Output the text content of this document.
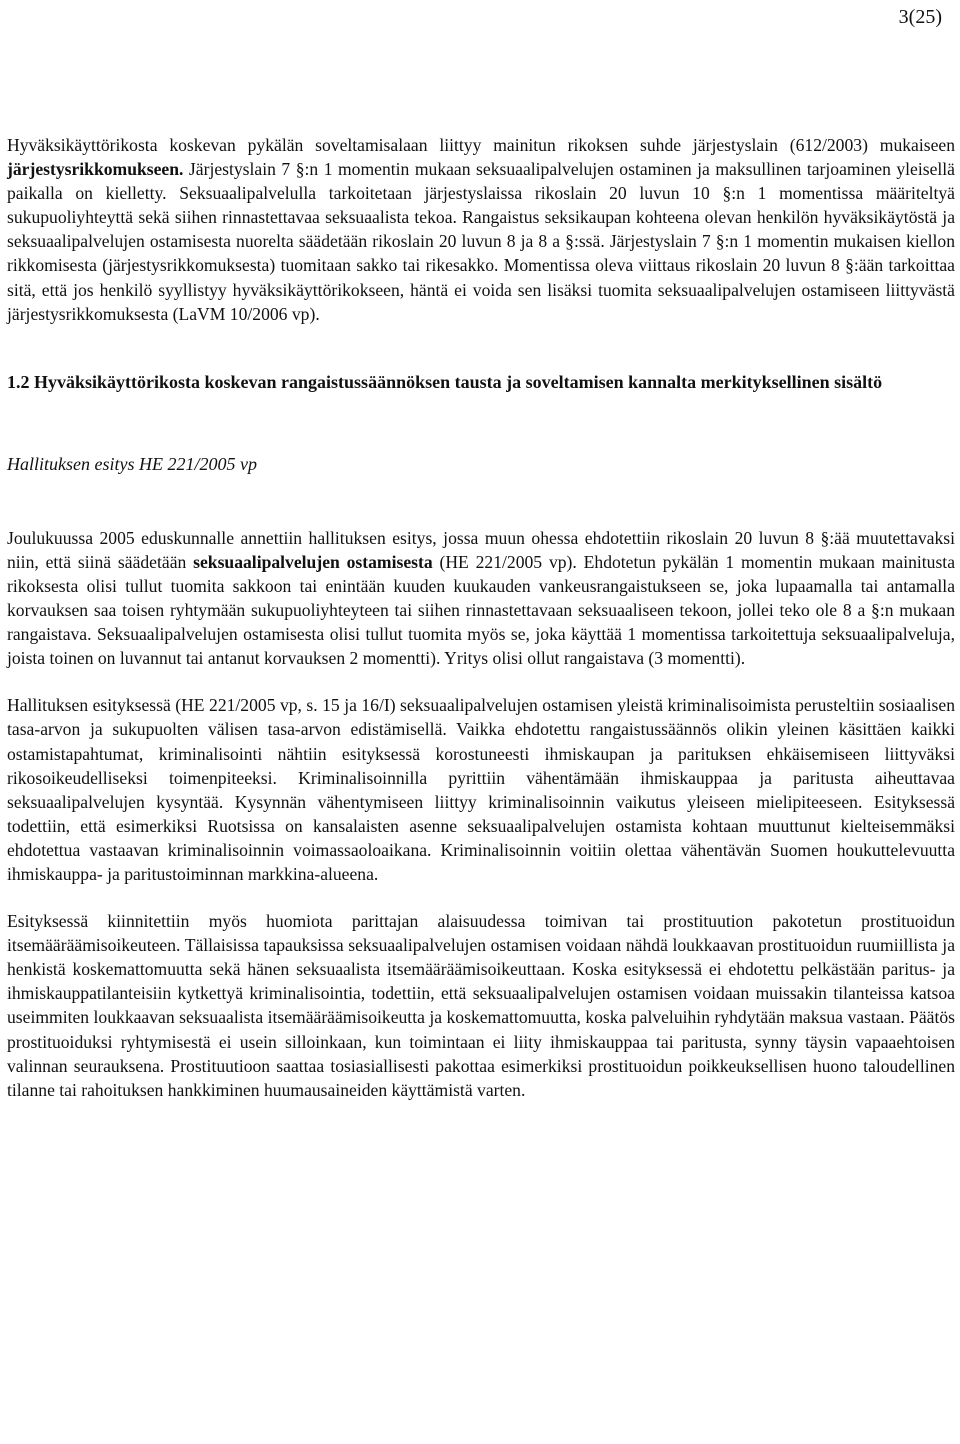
3(25)

Hyväksikäyttörikosta koskevan pykälän soveltamisalaan liittyy mainitun rikoksen suhde järjestyslain (612/2003) mukaiseen järjestysrikkomukseen. Järjestyslain 7 §:n 1 momentin mukaan seksuaalipalvelujen ostaminen ja maksullinen tarjoaminen yleisellä paikalla on kielletty. Seksuaalipalvelulla tarkoitetaan järjestyslaissa rikoslain 20 luvun 10 §:n 1 momentissa määriteltyä sukupuoliyhteyttä sekä siihen rinnastettavaa seksuaalista tekoa. Rangaistus seksikaupan kohteena olevan henkilön hyväksikäytöstä ja seksuaalipalvelujen ostamisesta nuorelta säädetään rikoslain 20 luvun 8 ja 8 a §:ssä. Järjestyslain 7 §:n 1 momentin mukaisen kiellon rikkomisesta (järjestysrikkomuksesta) tuomitaan sakko tai rikesakko. Momentissa oleva viittaus rikoslain 20 luvun 8 §:ään tarkoittaa sitä, että jos henkilö syyllistyy hyväksikäyttörikokseen, häntä ei voida sen lisäksi tuomita seksuaalipalvelujen ostamiseen liittyvästä järjestysrikkomuksesta (LaVM 10/2006 vp).

1.2 Hyväksikäyttörikosta koskevan rangaistussäännöksen tausta ja soveltamisen kannalta merkityksellinen sisältö

Hallituksen esitys HE 221/2005 vp

Joulukuussa 2005 eduskunnalle annettiin hallituksen esitys, jossa muun ohessa ehdotettiin rikoslain 20 luvun 8 §:ää muutettavaksi niin, että siinä säädetään seksuaalipalvelujen ostamisesta (HE 221/2005 vp). Ehdotetun pykälän 1 momentin mukaan mainitusta rikoksesta olisi tullut tuomita sakkoon tai enintään kuuden kuukauden vankeusrangaistukseen se, joka lupaamalla tai antamalla korvauksen saa toisen ryhtymään sukupuoliyhteyteen tai siihen rinnastettavaan seksuaaliseen tekoon, jollei teko ole 8 a §:n mukaan rangaistava. Seksuaalipalvelujen ostamisesta olisi tullut tuomita myös se, joka käyttää 1 momentissa tarkoitettuja seksuaalipalveluja, joista toinen on luvannut tai antanut korvauksen 2 momentti). Yritys olisi ollut rangaistava (3 momentti).

Hallituksen esityksessä (HE 221/2005 vp, s. 15 ja 16/I) seksuaalipalvelujen ostamisen yleistä kriminalisoimista perusteltiin sosiaalisen tasa-arvon ja sukupuolten välisen tasa-arvon edistämisellä. Vaikka ehdotettu rangaistussäännös olikin yleinen käsittäen kaikki ostamistapahtumat, kriminalisointi nähtiin esityksessä korostuneesti ihmiskaupan ja parituksen ehkäisemiseen liittyväksi rikosoikeudelliseksi toimenpiteeksi. Kriminalisoinnilla pyrittiin vähentämään ihmiskauppaa ja paritusta aiheuttavaa seksuaalipalvelujen kysyntää. Kysynnän vähentymiseen liittyy kriminalisoinnin vaikutus yleiseen mielipiteeseen. Esityksessä todettiin, että esimerkiksi Ruotsissa on kansalaisten asenne seksuaalipalvelujen ostamista kohtaan muuttunut kielteisemmäksi ehdotettua vastaavan kriminalisoinnin voimassaoloaikana. Kriminalisoinnin voitiin olettaa vähentävän Suomen houkuttelevuutta ihmiskauppa- ja paritustoiminnan markkina-alueena.

Esityksessä kiinnitettiin myös huomiota parittajan alaisuudessa toimivan tai prostituution pakotetun prostituoidun itsemääräämisoikeuteen. Tällaisissa tapauksissa seksuaalipalvelujen ostamisen voidaan nähdä loukkaavan prostituoidun ruumiillista ja henkistä koskemattomuutta sekä hänen seksuaalista itsemääräämisoikeuttaan. Koska esityksessä ei ehdotettu pelkästään paritus- ja ihmiskauppatilanteisiin kytkettyä kriminalisointia, todettiin, että seksuaalipalvelujen ostamisen voidaan muissakin tilanteissa katsoa useimmiten loukkaavan seksuaalista itsemääräämisoikeutta ja koskemattomuutta, koska palveluihin ryhdytään maksua vastaan. Päätös prostituoiduksi ryhtymisestä ei usein silloinkaan, kun toimintaan ei liity ihmiskauppaa tai paritusta, synny täysin vapaaehtoisen valinnan seurauksena. Prostituutioon saattaa tosiasiallisesti pakottaa esimerkiksi prostituoidun poikkeuksellisen huono taloudellinen tilanne tai rahoituksen hankkiminen huumausaineiden käyttämistä varten.
